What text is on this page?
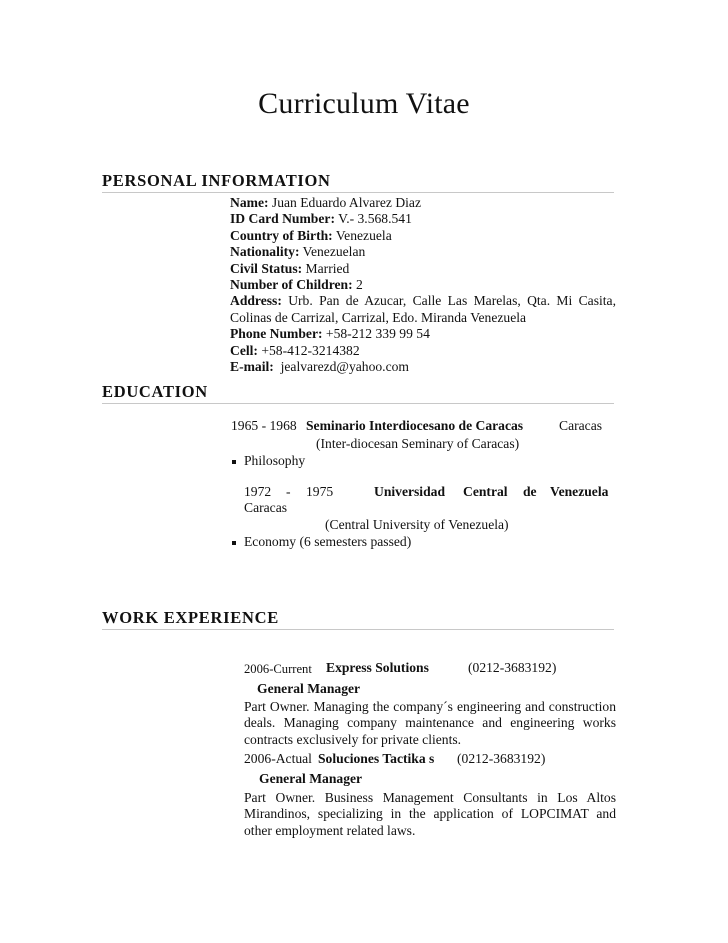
Curriculum Vitae
PERSONAL INFORMATION
Name: Juan Eduardo Alvarez Diaz
ID Card Number: V.- 3.568.541
Country of Birth: Venezuela
Nationality: Venezuelan
Civil Status: Married
Number of Children: 2
Address: Urb. Pan de Azucar, Calle Las Marelas, Qta. Mi Casita, Colinas de Carrizal, Carrizal, Edo. Miranda Venezuela
Phone Number: +58-212 339 99 54
Cell: +58-412-3214382
E-mail: jealvarezd@yahoo.com
EDUCATION
1965 - 1968 Seminario Interdiocesano de Caracas	Caracas
(Inter-diocesan Seminary of Caracas)
Philosophy
1972 - 1975	Universidad Central de Venezuela
Caracas
(Central University of Venezuela)
Economy (6 semesters passed)
WORK EXPERIENCE
2006-Current Express Solutions	(0212-3683192)
General Manager
Part Owner. Managing the company´s engineering and construction deals. Managing company maintenance and engineering works contracts exclusively for private clients.
2006-Actual Soluciones Tactika s (0212-3683192)
General Manager
Part Owner. Business Management Consultants in Los Altos Mirandinos, specializing in the application of LOPCIMAT and other employment related laws.
